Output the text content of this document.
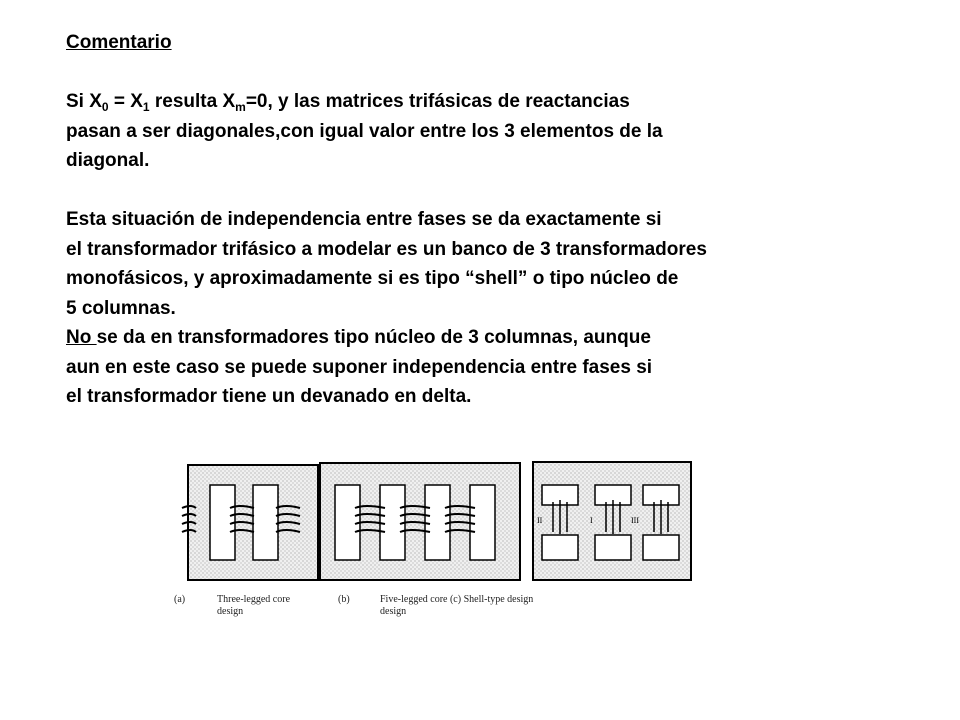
Comentario
Si $X_0 = X_1$ resulta $X_m=0$, y las matrices trifásicas de reactancias
pasan a ser diagonales,con igual valor entre los 3 elementos de la
diagonal.
Esta situación de independencia entre fases se da exactamente si
el transformador trifásico a modelar es un banco de 3 transformadores
monofásicos, y aproximadamente si es tipo “shell” o tipo núcleo de
5 columnas.
No se da en transformadores tipo núcleo de 3 columnas, aunque
aun en este caso se puede suponer independencia entre fases si
el transformador tiene un devanado en delta.
II	I	III
(a)	Three-legged core
design
(b)	Five-legged core (c) Shell-type design
design
